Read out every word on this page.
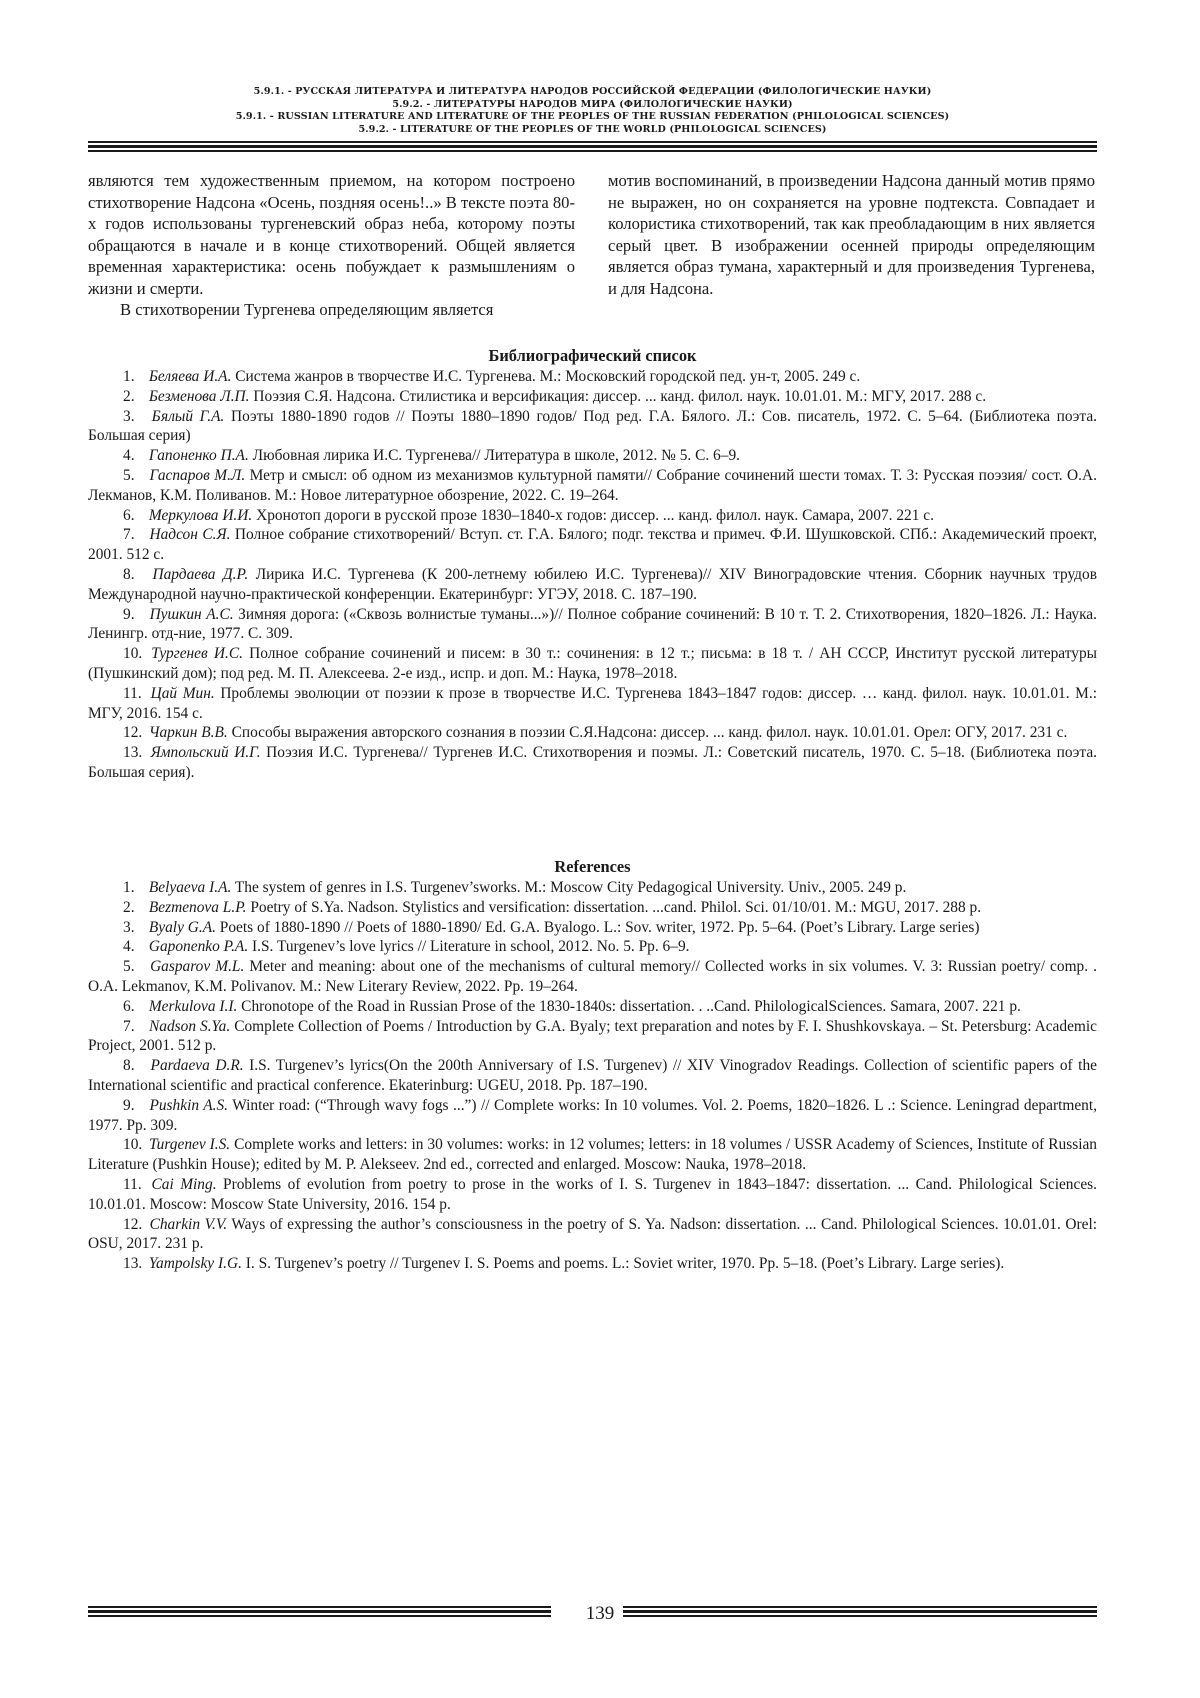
5.9.1. - РУССКАЯ ЛИТЕРАТУРА И ЛИТЕРАТУРА НАРОДОВ РОССИЙСКОЙ ФЕДЕРАЦИИ (ФИЛОЛОГИЧЕСКИЕ НАУКИ)
5.9.2. - ЛИТЕРАТУРЫ НАРОДОВ МИРА (ФИЛОЛОГИЧЕСКИЕ НАУКИ)
5.9.1. - RUSSIAN LITERATURE AND LITERATURE OF THE PEOPLES OF THE RUSSIAN FEDERATION (PHILOLOGICAL SCIENCES)
5.9.2. - LITERATURE OF THE PEOPLES OF THE WORLD (PHILOLOGICAL SCIENCES)

являются тем художественным приемом, на котором построено стихотворение Надсона «Осень, поздняя осень!..» В тексте поэта 80-х годов использованы тургеневский образ неба, которому поэты обращаются в начале и в конце стихотворений. Общей является временная характеристика: осень побуждает к размышлениям о жизни и смерти.

В стихотворении Тургенева определяющим является

мотив воспоминаний, в произведении Надсона данный мотив прямо не выражен, но он сохраняется на уровне подтекста. Совпадает и колористика стихотворений, так как преобладающим в них является серый цвет. В изображении осенней природы определяющим является образ тумана, характерный и для произведения Тургенева, и для Надсона.

Библиографический список

1. Беляева И.А. Система жанров в творчестве И.С. Тургенева. М.: Московский городской пед. ун-т, 2005. 249 с.

2. Безменова Л.П. Поэзия С.Я. Надсона. Стилистика и версификация: диссер. ... канд. филол. наук. 10.01.01. М.: МГУ, 2017. 288 с.

3. Бялый Г.А. Поэты 1880-1890 годов // Поэты 1880–1890 годов/ Под ред. Г.А. Бялого. Л.: Сов. писатель, 1972. С. 5–64. (Библиотека поэта. Большая серия)

4. Гапоненко П.А. Любовная лирика И.С. Тургенева// Литература в школе, 2012. № 5. С. 6–9.

5. Гаспаров М.Л. Метр и смысл: об одном из механизмов культурной памяти// Собрание сочинений шести томах. Т. 3: Русская поэзия/ сост. О.А. Лекманов, К.М. Поливанов. М.: Новое литературное обозрение, 2022. С. 19–264.

6. Меркулова И.И. Хронотоп дороги в русской прозе 1830–1840-х годов: диссер. ... канд. филол. наук. Самара, 2007. 221 с.

7. Надсон С.Я. Полное собрание стихотворений/ Вступ. ст. Г.А. Бялого; подг. текства и примеч. Ф.И. Шушковской. СПб.: Академический проект, 2001. 512 с.

8. Пардаева Д.Р. Лирика И.С. Тургенева (К 200-летнему юбилею И.С. Тургенева)// XIV Виноградовские чтения. Сборник научных трудов Международной научно-практической конференции. Екатеринбург: УГЭУ, 2018. С. 187–190.

9. Пушкин А.С. Зимняя дорога: («Сквозь волнистые туманы...»)// Полное собрание сочинений: В 10 т. Т. 2. Стихотворения, 1820–1826. Л.: Наука. Ленингр. отд-ние, 1977. С. 309.

10. Тургенев И.С. Полное собрание сочинений и писем: в 30 т.: сочинения: в 12 т.; письма: в 18 т. / АН СССР, Институт русской литературы (Пушкинский дом); под ред. М. П. Алексеева. 2-е изд., испр. и доп. М.: Наука, 1978–2018.

11. Цай Мин. Проблемы эволюции от поэзии к прозе в творчестве И.С. Тургенева 1843–1847 годов: диссер. … канд. филол. наук. 10.01.01. М.: МГУ, 2016. 154 с.

12. Чаркин В.В. Способы выражения авторского сознания в поэзии С.Я.Надсона: диссер. ... канд. филол. наук. 10.01.01. Орел: ОГУ, 2017. 231 с.

13. Ямпольский И.Г. Поэзия И.С. Тургенева// Тургенев И.С. Стихотворения и поэмы. Л.: Советский писатель, 1970. С. 5–18. (Библиотека поэта. Большая серия).

References

1. Belyaeva I.A. The system of genres in I.S. Turgenev’sworks. M.: Moscow City Pedagogical University. Univ., 2005. 249 p.

2. Bezmenova L.P. Poetry of S.Ya. Nadson. Stylistics and versification: dissertation. ...cand. Philol. Sci. 01/10/01. M.: MGU, 2017. 288 p.

3. Byaly G.A. Poets of 1880-1890 // Poets of 1880-1890/ Ed. G.A. Byalogo. L.: Sov. writer, 1972. Pp. 5–64. (Poet’s Library. Large series)

4. Gaponenko P.A. I.S. Turgenev’s love lyrics // Literature in school, 2012. No. 5. Pp. 6–9.

5. Gasparov M.L. Meter and meaning: about one of the mechanisms of cultural memory// Collected works in six volumes. V. 3: Russian poetry/ comp. . O.A. Lekmanov, K.M. Polivanov. M.: New Literary Review, 2022. Pp. 19–264.

6. Merkulova I.I. Chronotope of the Road in Russian Prose of the 1830-1840s: dissertation. . ..Cand. PhilologicalSciences. Samara, 2007. 221 p.

7. Nadson S.Ya. Complete Collection of Poems / Introduction by G.A. Byaly; text preparation and notes by F. I. Shushkovskaya. – St. Petersburg: Academic Project, 2001. 512 p.

8. Pardaeva D.R. I.S. Turgenev’s lyrics(On the 200th Anniversary of I.S. Turgenev) // XIV Vinogradov Readings. Collection of scientific papers of the International scientific and practical conference. Ekaterinburg: UGEU, 2018. Pp. 187–190.

9. Pushkin A.S. Winter road: (“Through wavy fogs ...”) // Complete works: In 10 volumes. Vol. 2. Poems, 1820–1826. L .: Science. Leningrad department, 1977. Pp. 309.

10. Turgenev I.S. Complete works and letters: in 30 volumes: works: in 12 volumes; letters: in 18 volumes / USSR Academy of Sciences, Institute of Russian Literature (Pushkin House); edited by M. P. Alekseev. 2nd ed., corrected and enlarged. Moscow: Nauka, 1978–2018.

11. Cai Ming. Problems of evolution from poetry to prose in the works of I. S. Turgenev in 1843–1847: dissertation. ... Cand. Philological Sciences. 10.01.01. Moscow: Moscow State University, 2016. 154 p.

12. Charkin V.V. Ways of expressing the author’s consciousness in the poetry of S. Ya. Nadson: dissertation. ... Cand. Philological Sciences. 10.01.01. Orel: OSU, 2017. 231 p.

13. Yampolsky I.G. I. S. Turgenev’s poetry // Turgenev I. S. Poems and poems. L.: Soviet writer, 1970. Pp. 5–18. (Poet’s Library. Large series).

139
